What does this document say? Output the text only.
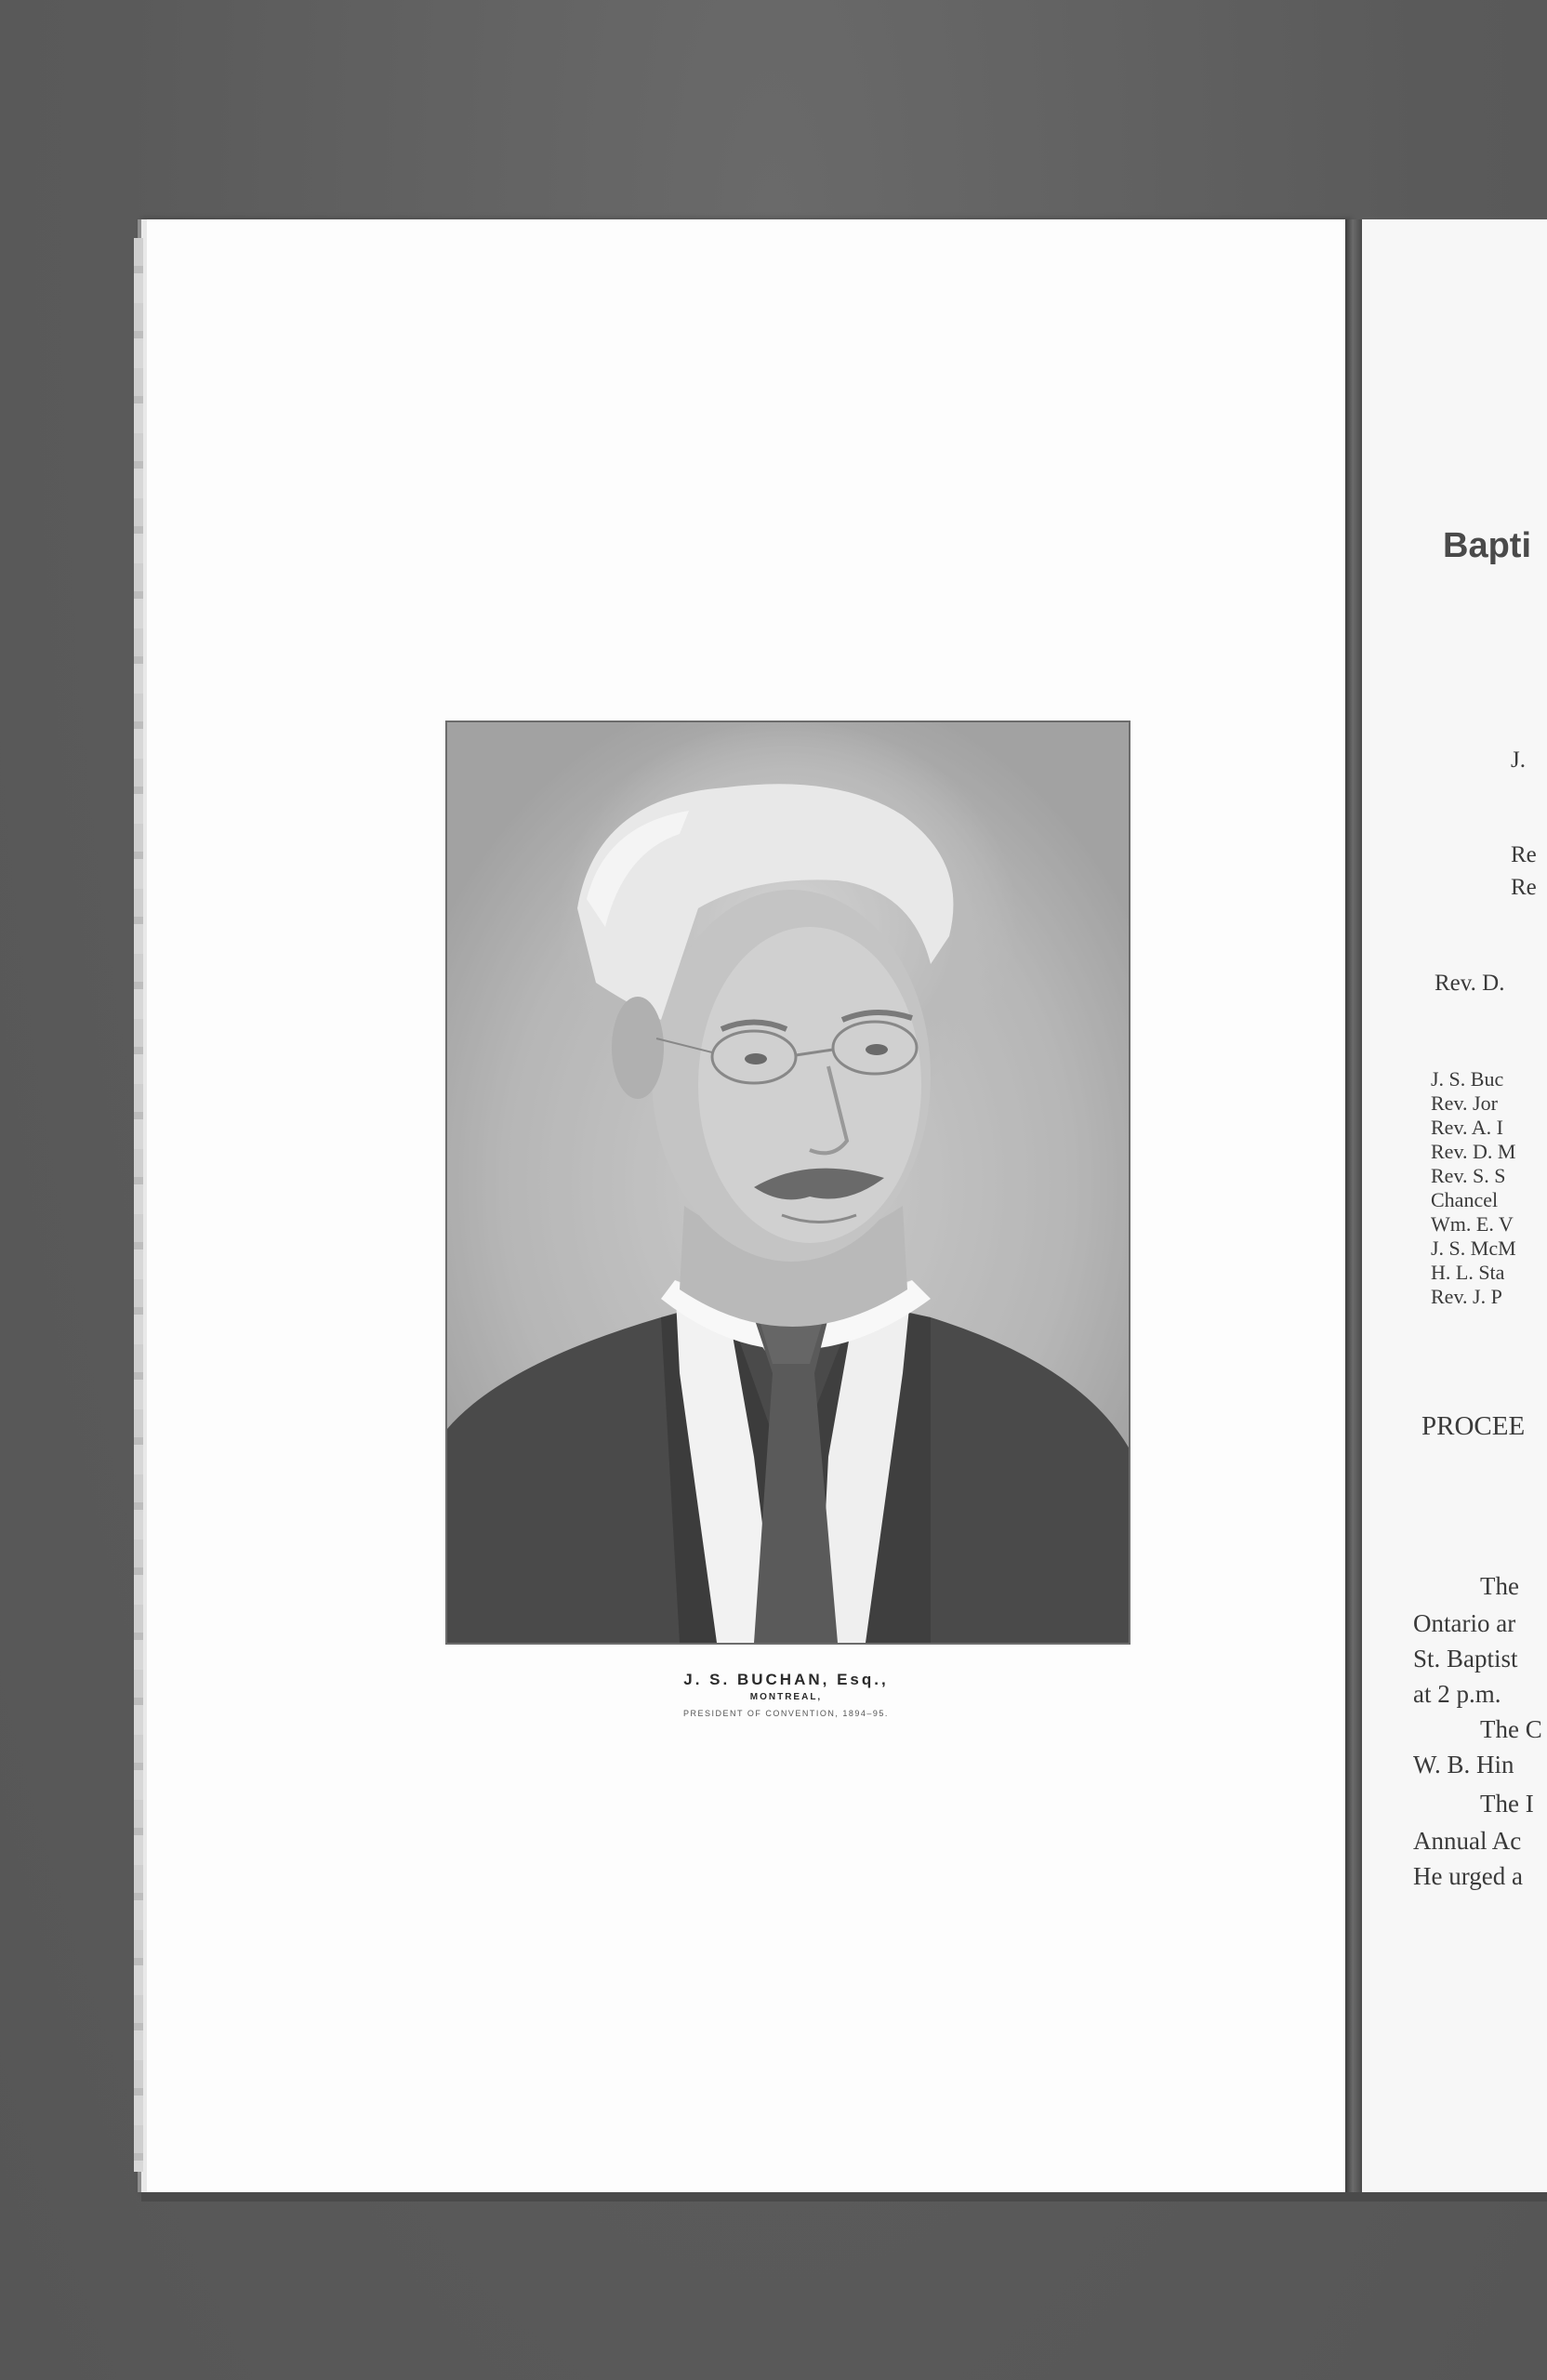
J. S. BUCHAN, Esq.,
MONTREAL,
PRESIDENT OF CONVENTION, 1894–95.
Bapti
J.
Re
Re
Rev. D.
J. S. Buc
Rev. Jor
Rev. A. I
Rev. D. M
Rev. S. S
Chancel
Wm. E. V
J. S. McM
H. L. Sta
Rev. J. P
PROCEE
The
Ontario ar
St. Baptist
at 2 p.m.
The C
W. B. Hin
The I
Annual Ac
He urged a
